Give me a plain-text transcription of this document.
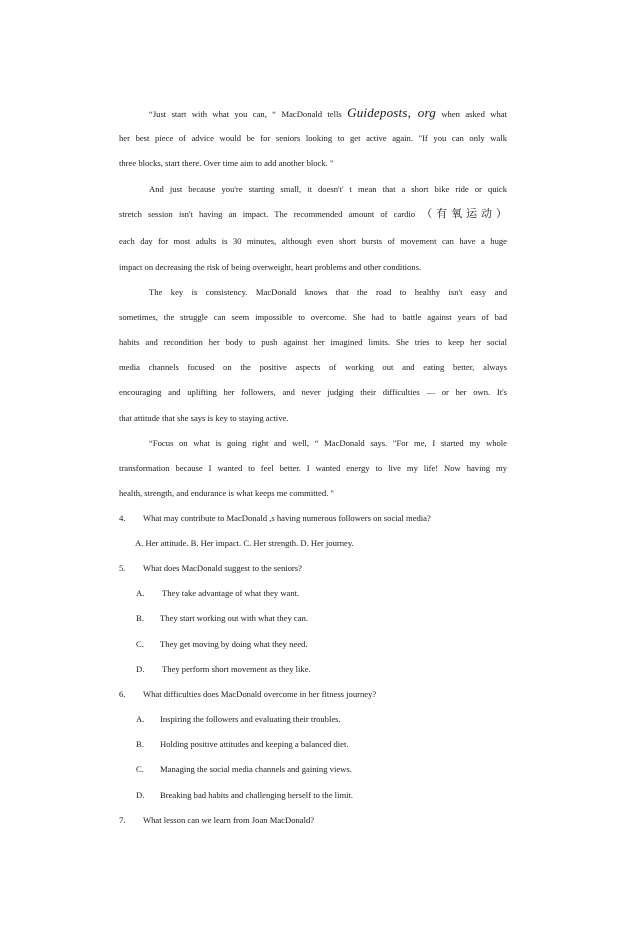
“Just start with what you can, “ MacDonald tells Guideposts, org when asked what
her best piece of advice would be for seniors looking to get active again. "If you can only walk
three blocks, start there. Over time aim to add another block. "
And just because you're starting small, it doesn't' t mean that a short bike ride or quick
stretch session isn't having an impact. The recommended amount of cardio （有氧运动）
each day for most adults is 30 minutes, although even short bursts of movement can have a huge
impact on decreasing the risk of being overweight, heart problems and other conditions.
The key is consistency. MacDonald knows that the road to healthy isn't easy and
sometimes, the struggle can seem impossible to overcome. She had to battle against years of bad
habits and recondition her body to push against her imagined limits. She tries to keep her social
media channels focused on the positive aspects of working out and eating better, always
encouraging and uplifting her followers, and never judging their difficulties — or her own. It's
that attitude that she says is key to staying active.
“Focus on what is going right and well, “ MacDonald says. "For me, I started my whole
transformation because I wanted to feel better. I wanted energy to live my life! Now having my
health, strength, and endurance is what keeps me committed. "
4. What may contribute to MacDonald ,s having numerous followers on social media?
A. Her attitude. B. Her impact. C. Her strength. D. Her journey.
5. What does MacDonald suggest to the seniors?
A. They take advantage of what they want.
B. They start working out with what they can.
C. They get moving by doing what they need.
D. They perform short movement as they like.
6. What difficulties does MacDonald overcome in her fitness journey?
A. Inspiring the followers and evaluating their troubles.
B. Holding positive attitudes and keeping a balanced diet.
C. Managing the social media channels and gaining views.
D. Breaking bad habits and challenging herself to the limit.
7. What lesson can we learn from Joan MacDonald?
